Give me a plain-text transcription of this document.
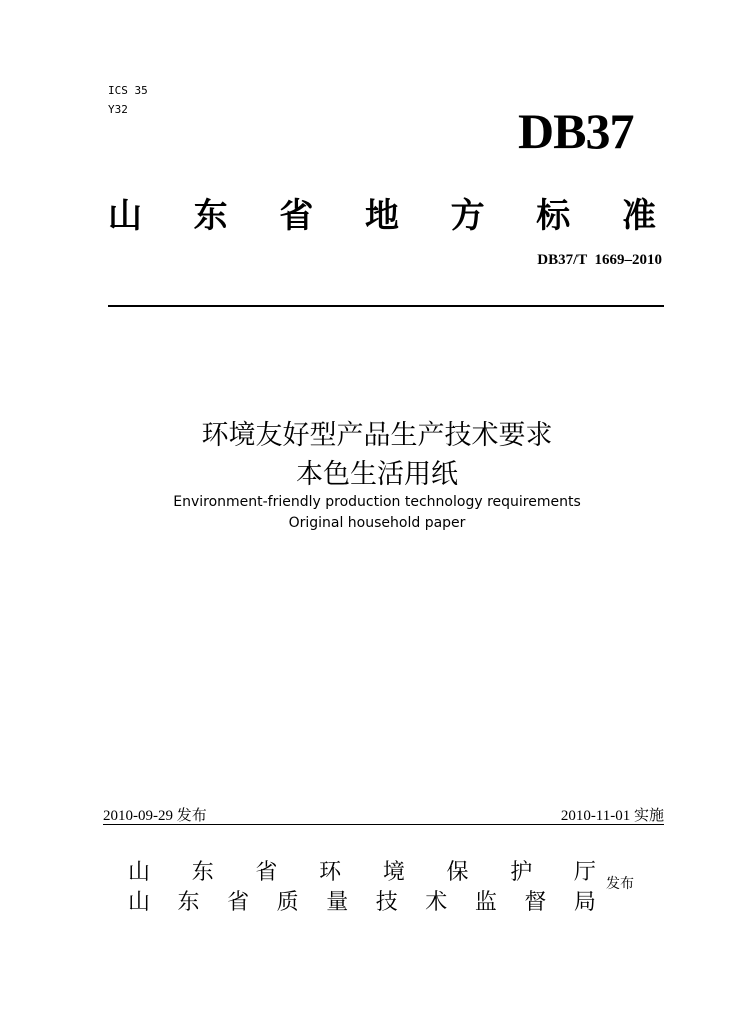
ICS 35
Y32	DB37
山 东 省 地 方 标 准
DB37/T  1669–2010
环境友好型产品生产技术要求
本色生活用纸
Environment-friendly production technology requirements
Original household paper
2010-09-29 发布	2010-11-01 实施
山 东 省 环 境 保 护 厅
山 东 省 质 量 技 术 监 督 局
发布
